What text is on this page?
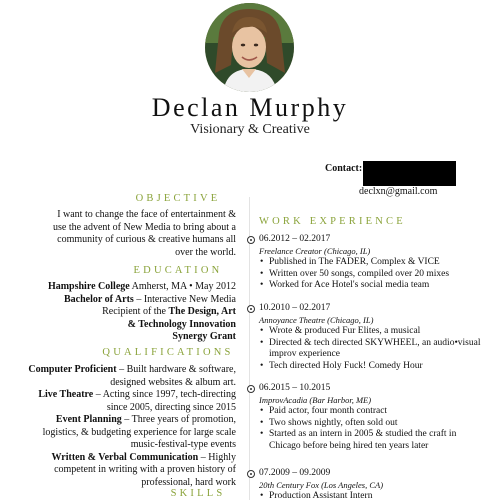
Declan Murphy
Visionary & Creative
Contact:
declxn@gmail.com
OBJECTIVE
I want to change the face of entertainment & use the advent of New Media to bring about a community of curious & creative humans all over the world.
EDUCATION

Hampshire College Amherst, MA • May 2012

Bachelor of Arts – Interactive New Media

Recipient of the The Design, Art & Technology Innovation Synergy Grant

QUALIFICATIONS

Computer Proficient – Built hardware & software, designed websites & album art.

Live Theatre – Acting since 1997, tech-directing since 2005, directing since 2015

Event Planning – Three years of promotion, logistics, & budgeting experience for large scale music-festival-type events

Written & Verbal Communication – Highly competent in writing with a proven history of professional, hard work

SKILLS
WORK EXPERIENCE
06.2012 – 02.2017
Freelance Creator (Chicago, IL)
• Published in The FADER, Complex & VICE
• Written over 50 songs, compiled over 20 mixes
• Worked for Ace Hotel's social media team
10.2010 – 02.2017
Annoyance Theatre (Chicago, IL)
• Wrote & produced Fur Elites, a musical
• Directed & tech directed SKYWHEEL, an audio•visual improv experience
• Tech directed Holy Fuck! Comedy Hour
06.2015 – 10.2015
ImprovAcadia (Bar Harbor, ME)
• Paid actor, four month contract
• Two shows nightly, often sold out
• Started as an intern in 2005 & studied the craft in Chicago before being hired ten years later
07.2009 – 09.2009
20th Century Fox (Los Angeles, CA)
• Production Assistant Intern
